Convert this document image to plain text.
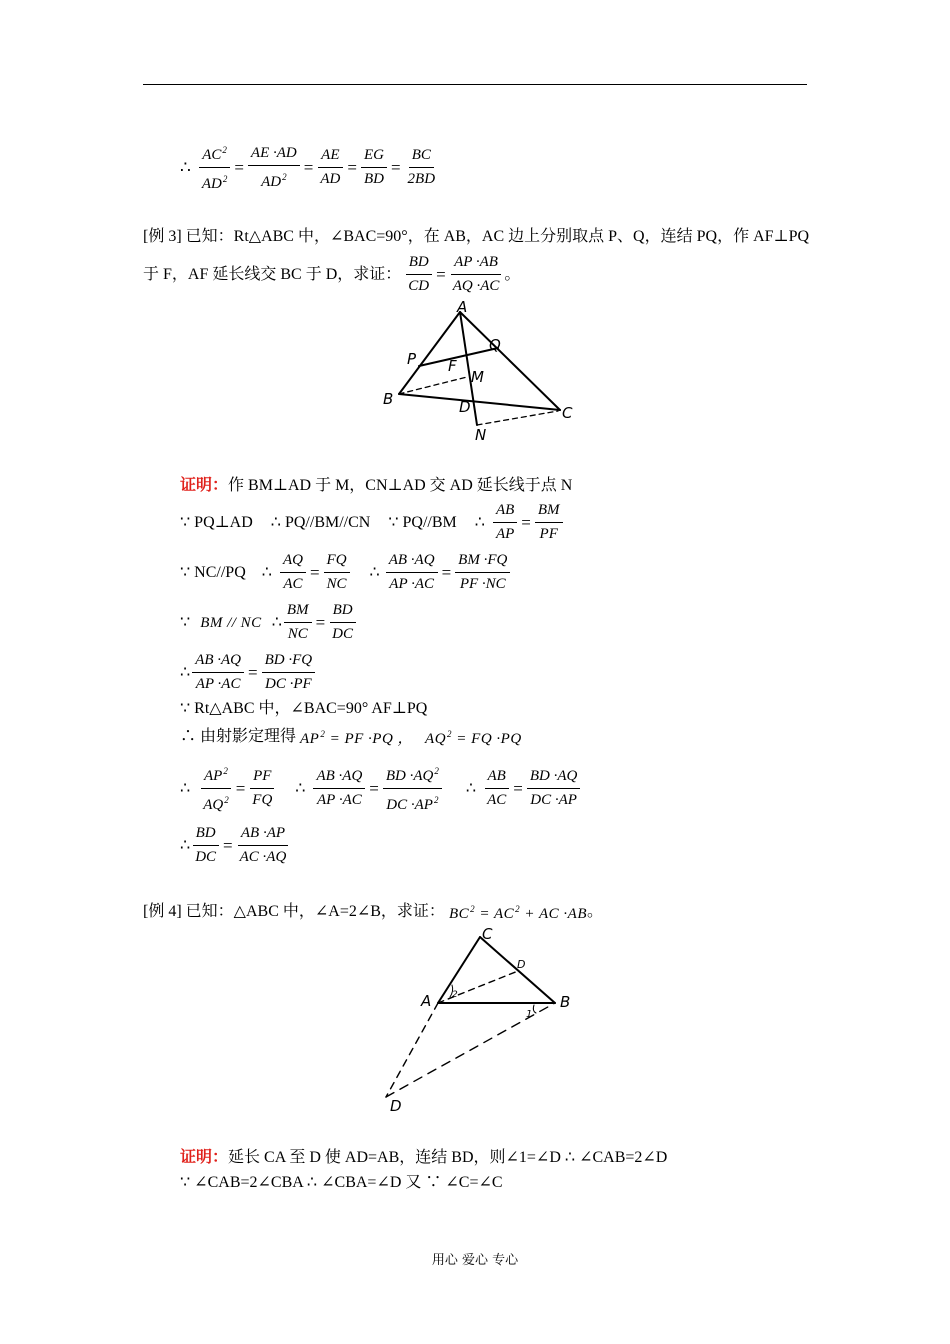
∴ $\frac{AC^2}{AD^2} = \frac{AE \cdot AD}{AD^2} = \frac{AE}{AD} = \frac{EG}{BD} = \frac{BC}{2BD}$
[例 3] 已知：Rt△ABC 中，∠BAC=90°，在 AB，AC 边上分别取点 P、Q，连结 PQ，作 AF⊥PQ
于 F，AF 延长线交 BC 于 D，求证： $\frac{BD}{CD} = \frac{AP \cdot AB}{AQ \cdot AC}$ 。
A
P
Q
F
M
B	D	C
N
证明：作 BM⊥AD 于 M，CN⊥AD 交 AD 延长线于点 N
∵ PQ⊥AD ∴ PQ//BM//CN ∵ PQ//BM ∴ $\frac{AB}{AP} = \frac{BM}{PF}$
∵ NC//PQ ∴ $\frac{AQ}{AC} = \frac{FQ}{NC}$ ∴ $\frac{AB \cdot AQ}{AP \cdot AC} = \frac{BM \cdot FQ}{PF \cdot NC}$
∵ BM // NC ∴ $\frac{BM}{NC} = \frac{BD}{DC}$
∴ $\frac{AB \cdot AQ}{AP \cdot AC} = \frac{BD \cdot FQ}{DC \cdot PF}$
∵ Rt△ABC 中，∠BAC=90° AF⊥PQ
∴ 由射影定理得 $AP^2$ = PF ·PQ ， $AQ^2$ = FQ ·PQ
∴ $\frac{AP^2}{AQ^2} = \frac{PF}{FQ}$ ∴ $\frac{AB \cdot AQ}{AP \cdot AC} = \frac{BD \cdot AQ^2}{DC \cdot AP^2}$ ∴ $\frac{AB}{AC} = \frac{BD \cdot AQ}{DC \cdot AP}$
∴ $\frac{BD}{DC} = \frac{AB \cdot AP}{AC \cdot AQ}$
[例 4] 已知：△ABC 中，∠A=2∠B，求证： $BC^2 = AC^2$ + AC ·AB 。
C
D
A	B
2
1
D
证明：延长 CA 至 D 使 AD=AB，连结 BD，则∠1=∠D ∴ ∠CAB=2∠D
∵ ∠CAB=2∠CBA ∴ ∠CBA=∠D 又 ∵ ∠C=∠C
用心 爱心 专心
